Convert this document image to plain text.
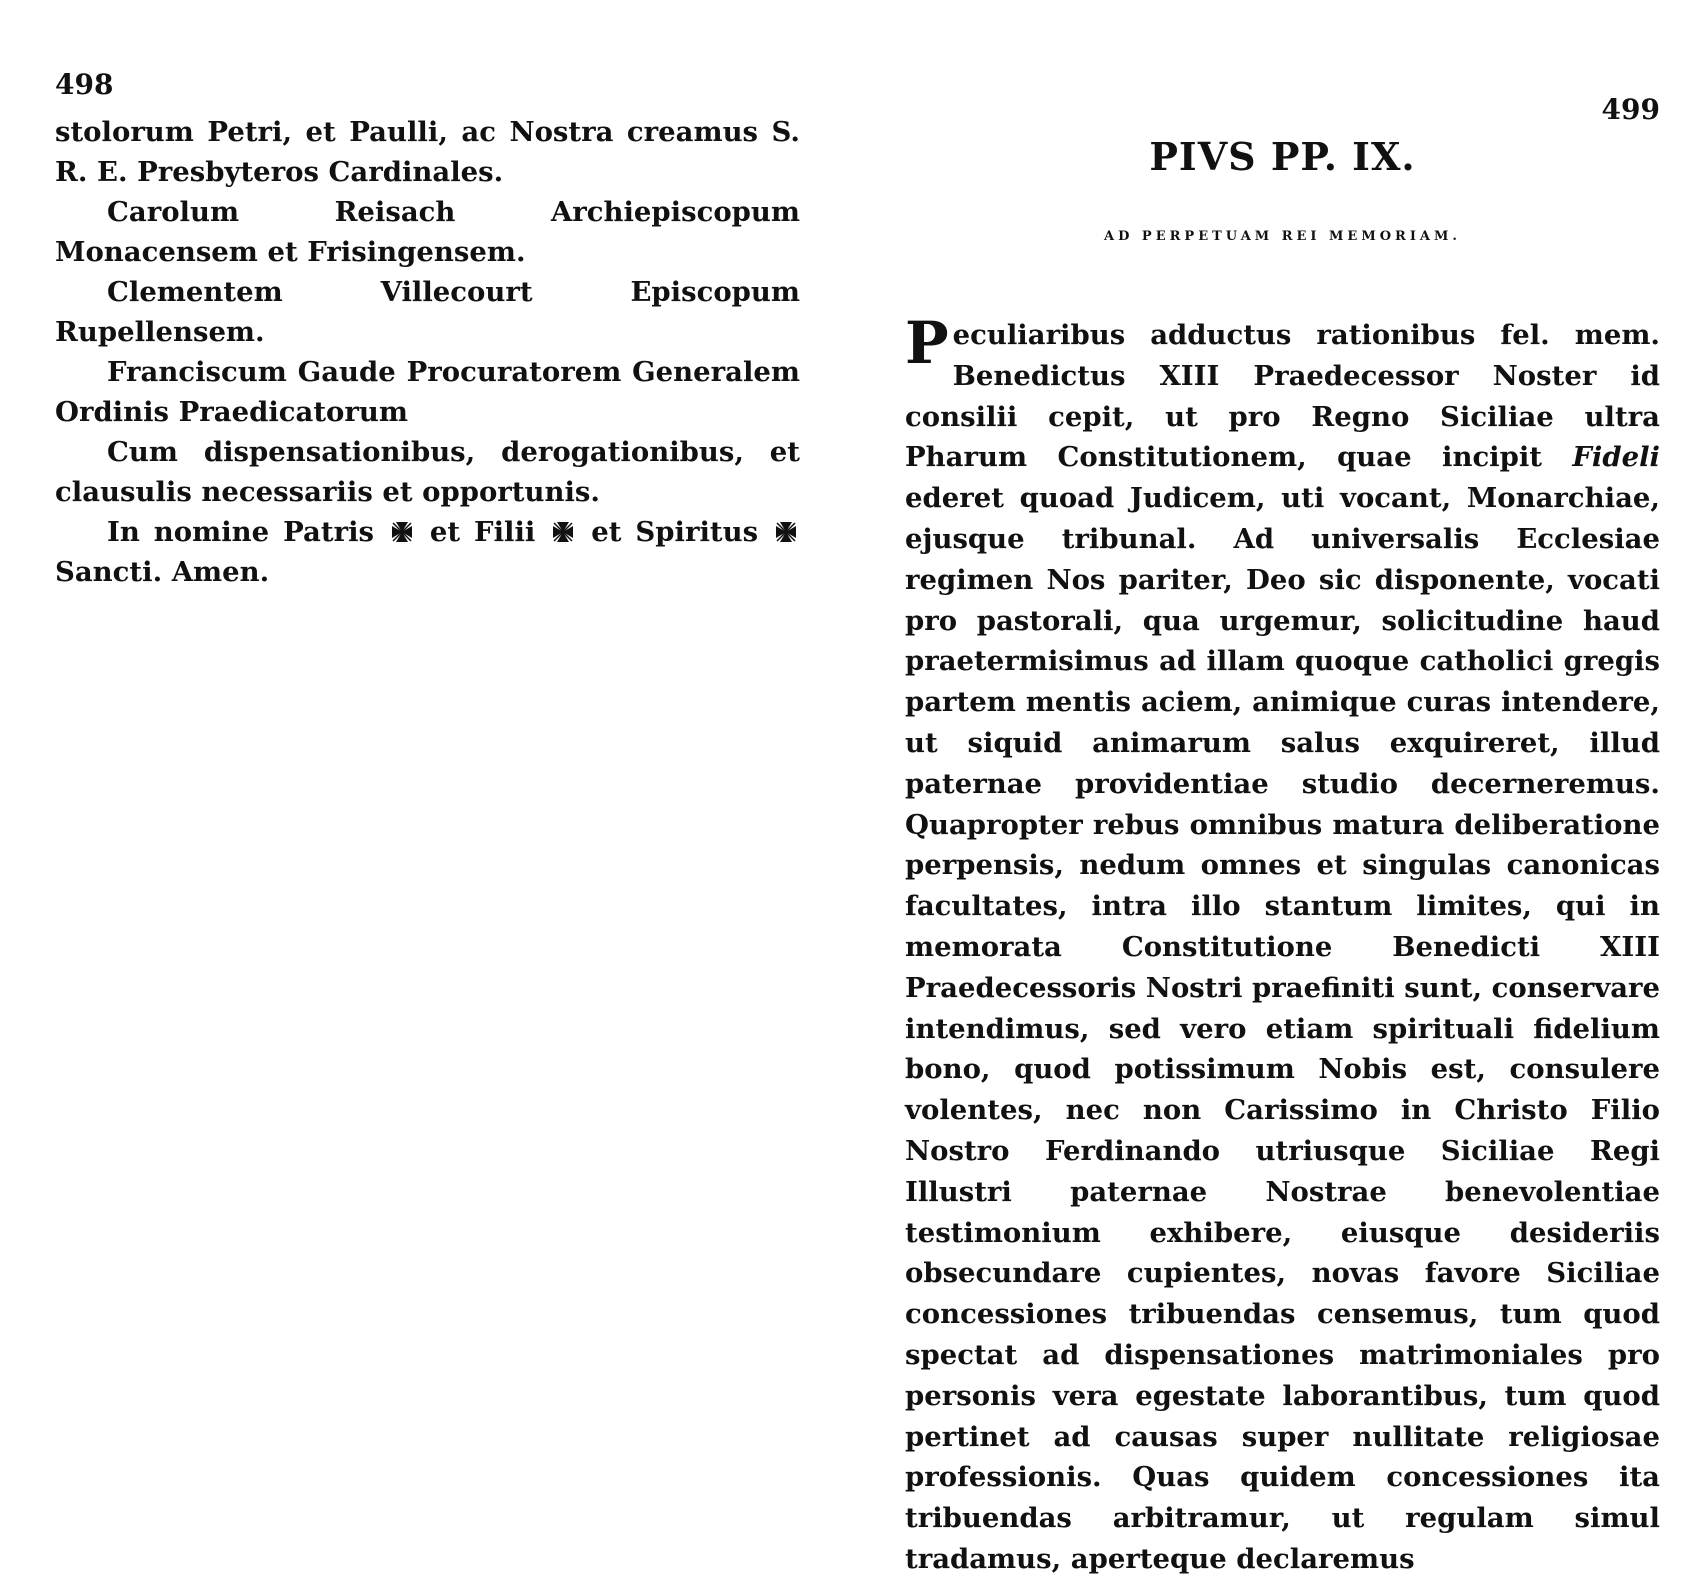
498

stolorum Petri, et Paulli, ac Nostra creamus S. R. E. Presbyteros Cardinales.

Carolum Reisach Archiepiscopum Monacensem et Frisingensem.

Clementem Villecourt Episcopum Rupellensem.

Franciscum Gaude Procuratorem Generalem Ordinis Praedicatorum

Cum dispensationibus, derogationibus, et clausulis necessariis et opportunis.

In nomine Patris et Filii et Spiritus
Sancti. Amen.

499
PIVS PP. IX.
AD PERPETUAM REI MEMORIAM.
Peculiaribus adductus rationibus fel. mem. Benedictus XIII Praedecessor Noster id consilii cepit, ut pro Regno Siciliae ultra Pharum Constitutionem, quae incipit Fideli ederet quoad Judicem, uti vocant, Monarchiae, ejusque tribunal. Ad universalis Ecclesiae regimen Nos pariter, Deo sic disponente, vocati pro pastorali, qua urgemur, solicitudine haud praetermisimus ad illam quoque catholici gregis partem mentis aciem, animique curas intendere, ut siquid animarum salus exquireret, illud paternae providentiae studio decerneremus. Quapropter rebus omnibus matura deliberatione perpensis, nedum omnes et singulas canonicas facultates, intra illo stantum limites, qui in memorata Constitutione Benedicti XIII Praedecessoris Nostri praefiniti sunt, conservare intendimus, sed vero etiam spirituali fidelium bono, quod potissimum Nobis est, consulere volentes, nec non Carissimo in Christo Filio Nostro Ferdinando utriusque Siciliae Regi Illustri paternae Nostrae benevolentiae testimonium exhibere, eiusque desideriis obsecundare cupientes, novas favore Siciliae concessiones tribuendas censemus, tum quod spectat ad dispensationes matrimoniales pro personis vera egestate laborantibus, tum quod pertinet ad causas super nullitate religiosae professionis. Quas quidem concessiones ita tribuendas arbitramur, ut regulam simul tradamus, aperteque declaremus
